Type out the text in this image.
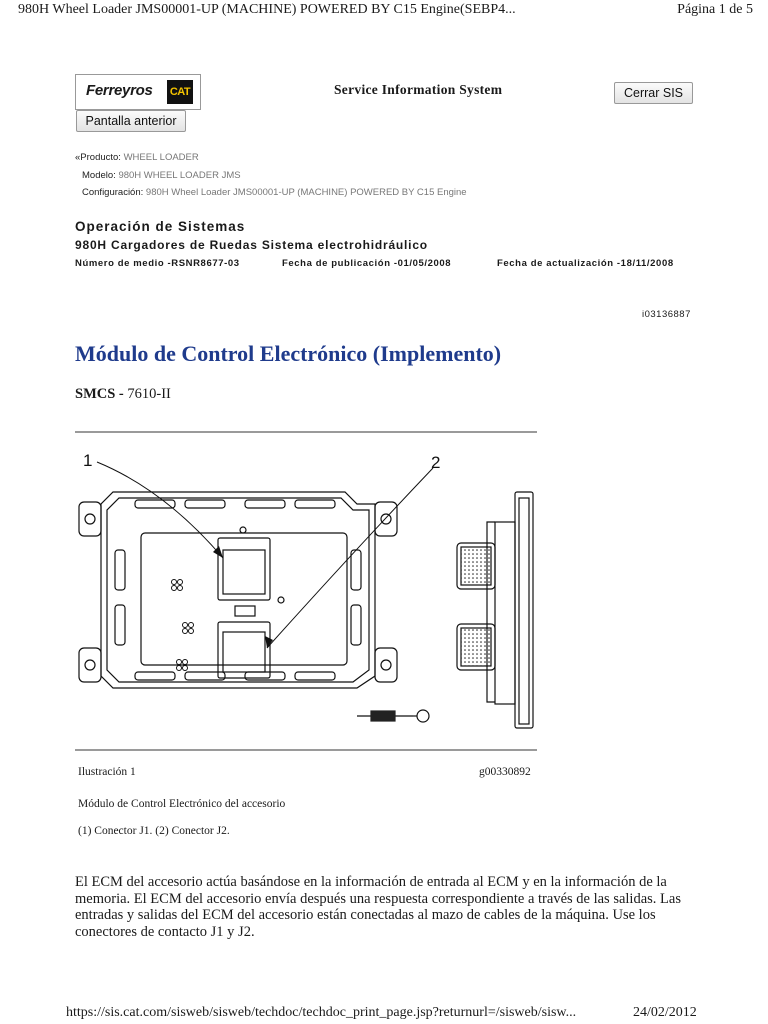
980H Wheel Loader JMS00001-UP (MACHINE) POWERED BY C15 Engine(SEBP4...	Página 1 de 5
Ferreyros CAT	Service Information System	Cerrar SIS
Pantalla anterior
«Producto: WHEEL LOADER
Modelo: 980H WHEEL LOADER JMS
Configuración: 980H Wheel Loader JMS00001-UP (MACHINE) POWERED BY C15 Engine
Operación de Sistemas
980H Cargadores de Ruedas Sistema electrohidráulico
Número de medio -RSNR8677-03	Fecha de publicación -01/05/2008	Fecha de actualización -18/11/2008
i03136887
Módulo de Control Electrónico (Implemento)
SMCS - 7610-II
1	2
Ilustración 1	g00330892
Módulo de Control Electrónico del accesorio
(1) Conector J1. (2) Conector J2.
El ECM del accesorio actúa basándose en la información de entrada al ECM y en la información de la memoria. El ECM del accesorio envía después una respuesta correspondiente a través de las salidas. Las entradas y salidas del ECM del accesorio están conectadas al mazo de cables de la máquina. Use los conectores de contacto J1 y J2.
https://sis.cat.com/sisweb/sisweb/techdoc/techdoc_print_page.jsp?returnurl=/sisweb/sisw...	24/02/2012
